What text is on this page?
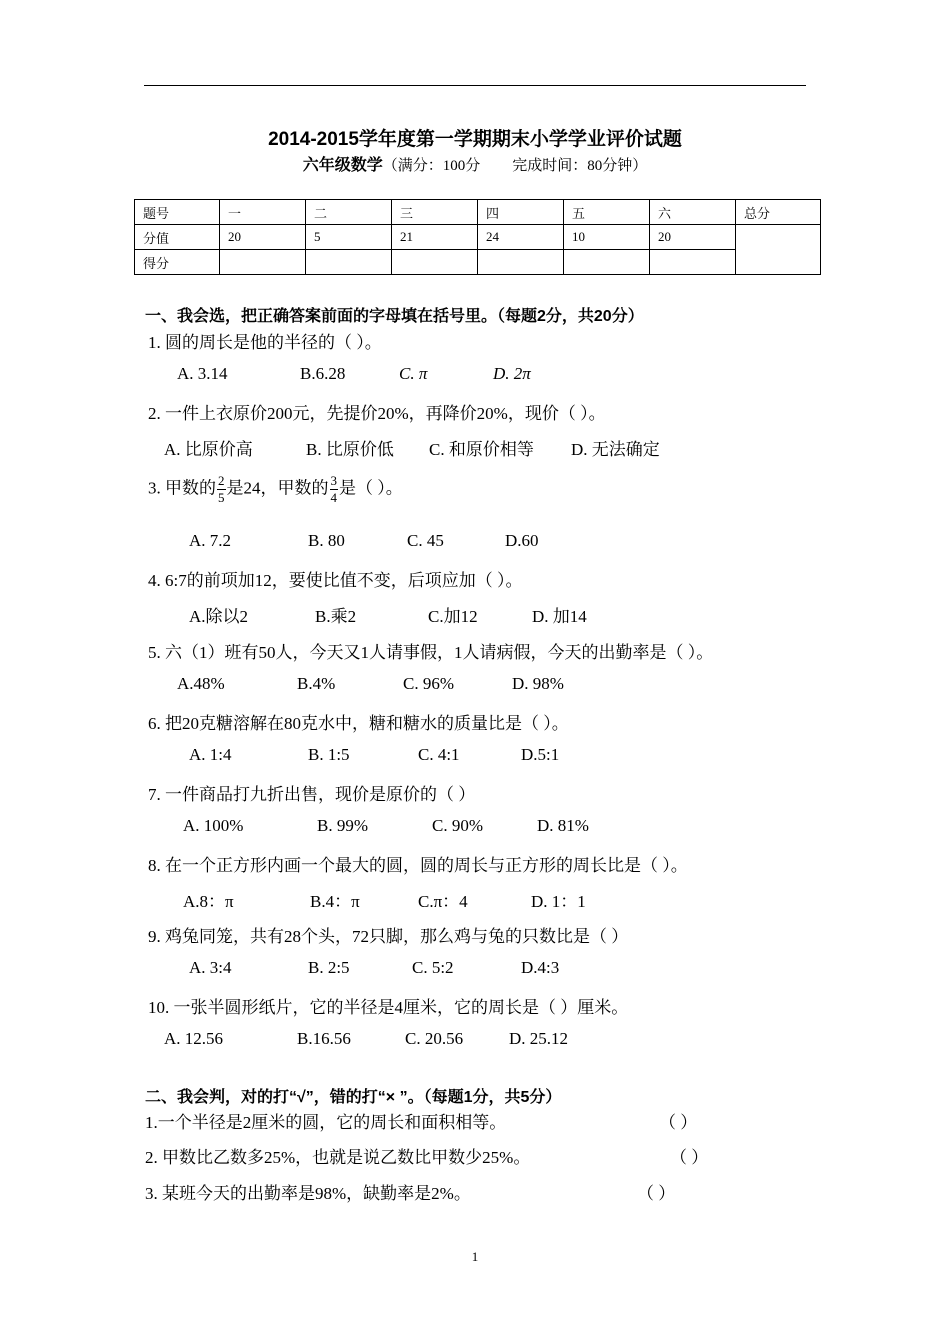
2014-2015学年度第一学期期末小学学业评价试题
六年级数学（满分：100分 完成时间：80分钟）
题号	一	二	三	四	五	六	总分
分值	20	5	21	24	10	20	
得分							
一、我会选，把正确答案前面的字母填在括号里。（每题2分，共20分）
1. 圆的周长是他的半径的（ ）。
A. 3.14	B.6.28	C. π	D. 2π
2. 一件上衣原价200元，先提价20%，再降价20%，现价（ ）。
A. 比原价高	B. 比原价低 C. 和原价相等 D. 无法确定
3. 甲数的 $\frac{2}{5}$ 是24，甲数的 $\frac{3}{4}$ 是（ ）。
A. 7.2	B. 80	C. 45	D.60
4. 6:7的前项加12，要使比值不变，后项应加（ ）。
A.除以2	B.乘2	C.加12	D. 加14
5. 六（1）班有50人，今天又1人请事假，1人请病假，今天的出勤率是（ ）。
A.48%	B.4%	C. 96%	D. 98%
6. 把20克糖溶解在80克水中，糖和糖水的质量比是（ ）。
A. 1:4	B. 1:5	C. 4:1	D.5:1
7. 一件商品打九折出售，现价是原价的（ ）
A. 100%	B. 99%	C. 90%	D. 81%
8. 在一个正方形内画一个最大的圆，圆的周长与正方形的周长比是（ ）。
A.8：π	B.4：π	C.π：4	D. 1：1
9. 鸡兔同笼，共有28个头，72只脚，那么鸡与兔的只数比是（ ）
A. 3:4	B. 2:5	C. 5:2	D.4:3
10. 一张半圆形纸片，它的半径是4厘米，它的周长是（ ）厘米。
A. 12.56	B.16.56	C. 20.56	D. 25.12
二、我会判，对的打“√”，错的打“× ”。（每题1分，共5分）
1.一个半径是2厘米的圆，它的周长和面积相等。	（ ）
2. 甲数比乙数多25%，也就是说乙数比甲数少25%。	（ ）
3. 某班今天的出勤率是98%，缺勤率是2%。	（ ）
1
